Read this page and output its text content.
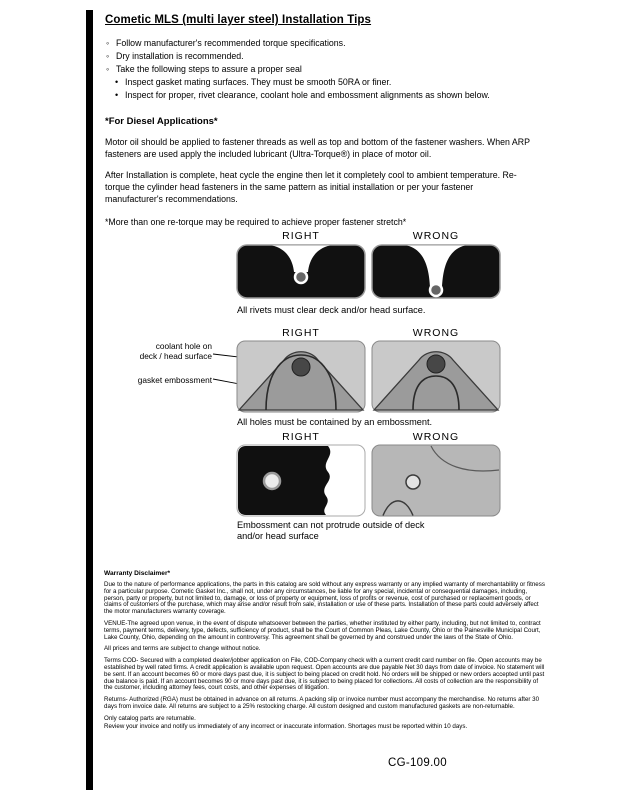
Cometic MLS (multi layer steel) Installation Tips
◦ Follow manufacturer's recommended torque specifications.
◦ Dry installation is recommended.
◦ Take the following steps to assure a proper seal
• Inspect gasket mating surfaces. They must be smooth 50RA or finer.
• Inspect for proper, rivet clearance, coolant hole and embossment alignments as shown below.
*For Diesel Applications*

Motor oil should be applied to fastener threads as well as top and bottom of the fastener washers. When ARP fasteners are used apply the included lubricant (Ultra-Torque®) in place of motor oil.

After Installation is complete, heat cycle the engine then let it completely cool to ambient temperature. Re-torque the cylinder head fasteners in the same pattern as initial installation or per your fastener manufacturer's recommendations.

*More than one re-torque may be required to achieve proper fastener stretch*

RIGHT	WRONG
All rivets must clear deck and/or head surface.
RIGHT	WRONG
coolant hole on
deck / head surface
gasket embossment
All holes must be contained by an embossment.
RIGHT	WRONG
Embossment can not protrude outside of deck and/or head surface
Warranty Disclaimer*

Due to the nature of performance applications, the parts in this catalog are sold without any express warranty or any implied warranty of merchantability or fitness for a particular purpose. Cometic Gasket Inc., shall not, under any circumstances, be liable for any special, incidental or consequential damages, including, person, party or property, but not limited to, damage, or loss of property or equipment, loss of profits or revenue, cost of purchased or replacement goods, or claims of customers of the purchase, which may arise and/or result from sale, installation or use of these parts. Installation of these parts could adversely affect the motor manufacturers warranty coverage.

VENUE-The agreed upon venue, in the event of dispute whatsoever between the parties, whether instituted by either party, including, but not limited to, contract terms, payment terms, delivery, type, defects, sufficiency of product, shall be the Court of Common Pleas, Lake County, Ohio or the Painesville Municipal Court, Lake County, Ohio, depending on the amount in controversy. This agreement shall be governed by and construed under the laws of the State of Ohio.

All prices and terms are subject to change without notice.

Terms COD- Secured with a completed dealer/jobber application on File, COD-Company check with a current credit card number on file. Open accounts may be established by well rated firms. A credit application is available upon request. Open accounts are due payable Net 30 days from date of invoice. No statement will be sent. If an account becomes 60 or more days past due, it is subject to being placed on credit hold. No orders will be shipped or new orders accepted until past due balance is paid. If an account becomes 90 or more days past due, it is subject to being placed for collections. All costs of collection are the responsibility of the customer, including attorney fees, court costs, and other expenses of litigation.

Returns- Authorized (RGA) must be obtained in advance on all returns. A packing slip or invoice number must accompany the merchandise. No returns after 30 days from invoice date. All returns are subject to a 25% restocking charge. All custom designed and custom manufactured gaskets are non-returnable.

Only catalog parts are returnable.

Review your invoice and notify us immediately of any incorrect or inaccurate information. Shortages must be reported within 10 days.

CG-109.00
